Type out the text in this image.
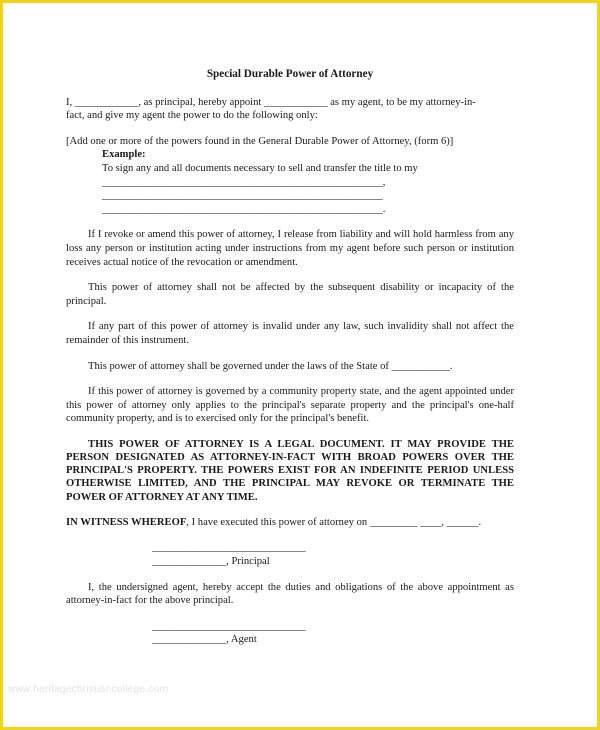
Special Durable Power of Attorney

I, ____________, as principal, hereby appoint ____________ as my agent, to be my attorney-in-

fact, and give my agent the power to do the following only:

[Add one or more of the powers found in the General Durable Power of Attorney, (form 6)]

Example:

To sign any and all documents necessary to sell and transfer the title to my

_____________________________________________________,
_____________________________________________________
_____________________________________________________.

If I revoke or amend this power of attorney, I release from liability and will hold harmless from any loss any person or institution acting under instructions from my agent before such person or institution receives actual notice of the revocation or amendment.

This power of attorney shall not be affected by the subsequent disability or incapacity of the principal.

If any part of this power of attorney is invalid under any law, such invalidity shall not affect the remainder of this instrument.

This power of attorney shall be governed under the laws of the State of ___________.

If this power of attorney is governed by a community property state, and the agent appointed under this power of attorney only applies to the principal's separate property and the principal's one-half community property, and is to exercised only for the principal's benefit.

THIS POWER OF ATTORNEY IS A LEGAL DOCUMENT. IT MAY PROVIDE THE PERSON DESIGNATED AS ATTORNEY-IN-FACT WITH BROAD POWERS OVER THE PRINCIPAL'S PROPERTY. THE POWERS EXIST FOR AN INDEFINITE PERIOD UNLESS OTHERWISE LIMITED, AND THE PRINCIPAL MAY REVOKE OR TERMINATE THE POWER OF ATTORNEY AT ANY TIME.

IN WITNESS WHEREOF, I have executed this power of attorney on _________ ____, ______.

_____________________________
______________, Principal

I, the undersigned agent, hereby accept the duties and obligations of the above appointment as attorney-in-fact for the above principal.

_____________________________
______________, Agent
www.heritagechristiancollege.com
